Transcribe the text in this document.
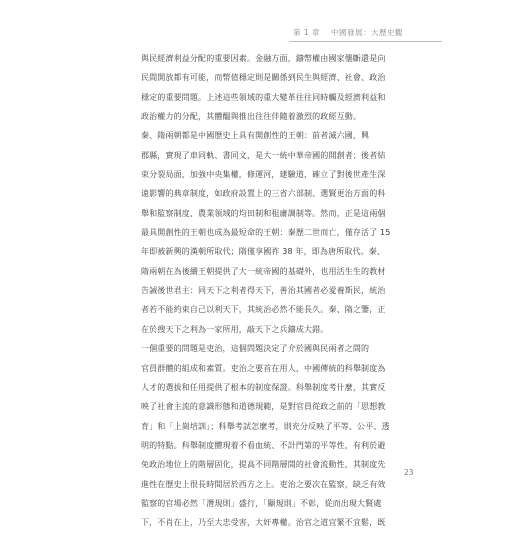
第 1 章 中國發展：大歷史觀
與民經濟利益分配的重要因素。金融方面，鑄幣權由國家壟斷還是向
民間開放都有可能，而幣值穩定則是關係到民生與經濟、社會、政治
穩定的重要問題。上述這些領域的重大變革往往同時觸及經濟利益和
政治權力的分配，其體醞與推出往往伴隨着激烈的政經互動。
秦、隋兩朝都是中國歷史上具有開創性的王朝：前者滅六國，興
郡縣，實現了車同軌、書同文，是大一統中華帝國的開創者；後者結
束分裂局面，加強中央集權，修運河，建驗道，確立了對後世產生深
遠影響的典章制度，如政府設置上的三省六部制、選賢更治方面的科
舉和監察制度、農業領域的均田制和租庸調制等。然而，正是這兩個
最具開創性的王朝也成為最短命的王朝：秦歷二世而亡，僅存活了 15
年即被新興的漢朝所取代；隋僅享國祚 38 年，即為唐所取代。秦、
隋兩朝在為後續王朝提供了大一統帝國的基礎外，也用活生生的教材
告誡後世君主：同天下之利者得天下，善治其國者必愛養斯民，統治
者若不能約束自己以利天下，其統治必然不能長久。秦、隋之鑒，正
在於搜天下之利為一家所用，敲天下之兵鑄成大錯。
一個重要的問題是吏治，這個問題決定了介於國與民兩者之間的
官員群體的組成和素質。吏治之要首在用人，中國傳統的科舉制度為
人才的選拔和任用提供了根本的制度保證。科舉制度考什麼，其實反
映了社會主流的意識形態和道德規範，是對官員從政之前的「思想教
育」和「上崗培訓」；科舉考試怎麼考，則充分反映了平等、公平、透
明的特點。科舉制度體現着不看血統、不計門第的平等性，有利於避
免政治地位上的階層固化，提高不同階層間的社會流動性，其制度先
進性在歷史上很長時間居於西方之上。吏治之要次在監察，缺乏有效
監察的官場必然「潛規則」盛行，「顯規則」不彰，從而出現大賢處
下，不肖在上，乃至大忠受害，大奸專權。治官之道宜緊不宜鬆，既
23
